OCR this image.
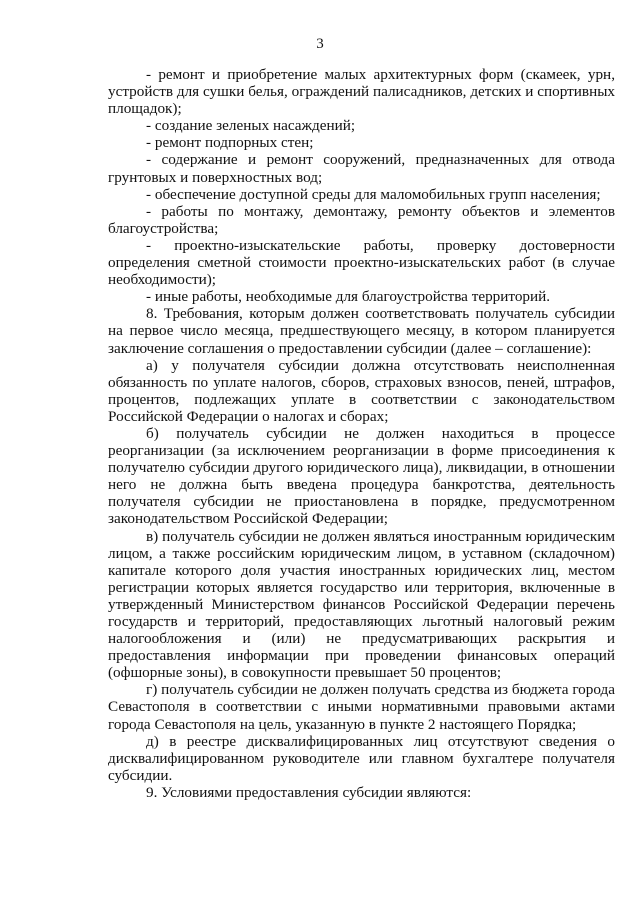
3

- ремонт и приобретение малых архитектурных форм (скамеек, урн, устройств для сушки белья, ограждений палисадников, детских и спортивных площадок);

- создание зеленых насаждений;

- ремонт подпорных стен;

- содержание и ремонт сооружений, предназначенных для отвода грунтовых и поверхностных вод;

- обеспечение доступной среды для маломобильных групп населения;

- работы по монтажу, демонтажу, ремонту объектов и элементов благоустройства;

- проектно-изыскательские работы, проверку достоверности определения сметной стоимости проектно-изыскательских работ (в случае необходимости);

- иные работы, необходимые для благоустройства территорий.

8. Требования, которым должен соответствовать получатель субсидии на первое число месяца, предшествующего месяцу, в котором планируется заключение соглашения о предоставлении субсидии (далее – соглашение):

а) у получателя субсидии должна отсутствовать неисполненная обязанность по уплате налогов, сборов, страховых взносов, пеней, штрафов, процентов, подлежащих уплате в соответствии с законодательством Российской Федерации о налогах и сборах;

б) получатель субсидии не должен находиться в процессе реорганизации (за исключением реорганизации в форме присоединения к получателю субсидии другого юридического лица), ликвидации, в отношении него не должна быть введена процедура банкротства, деятельность получателя субсидии не приостановлена в порядке, предусмотренном законодательством Российской Федерации;

в) получатель субсидии не должен являться иностранным юридическим лицом, а также российским юридическим лицом, в уставном (складочном) капитале которого доля участия иностранных юридических лиц, местом регистрации которых является государство или территория, включенные в утвержденный Министерством финансов Российской Федерации перечень государств и территорий, предоставляющих льготный налоговый режим налогообложения и (или) не предусматривающих раскрытия и предоставления информации при проведении финансовых операций (офшорные зоны), в совокупности превышает 50 процентов;

г) получатель субсидии не должен получать средства из бюджета города Севастополя в соответствии с иными нормативными правовыми актами города Севастополя на цель, указанную в пункте 2 настоящего Порядка;

д) в реестре дисквалифицированных лиц отсутствуют сведения о дисквалифицированном руководителе или главном бухгалтере получателя субсидии.

9. Условиями предоставления субсидии являются:
